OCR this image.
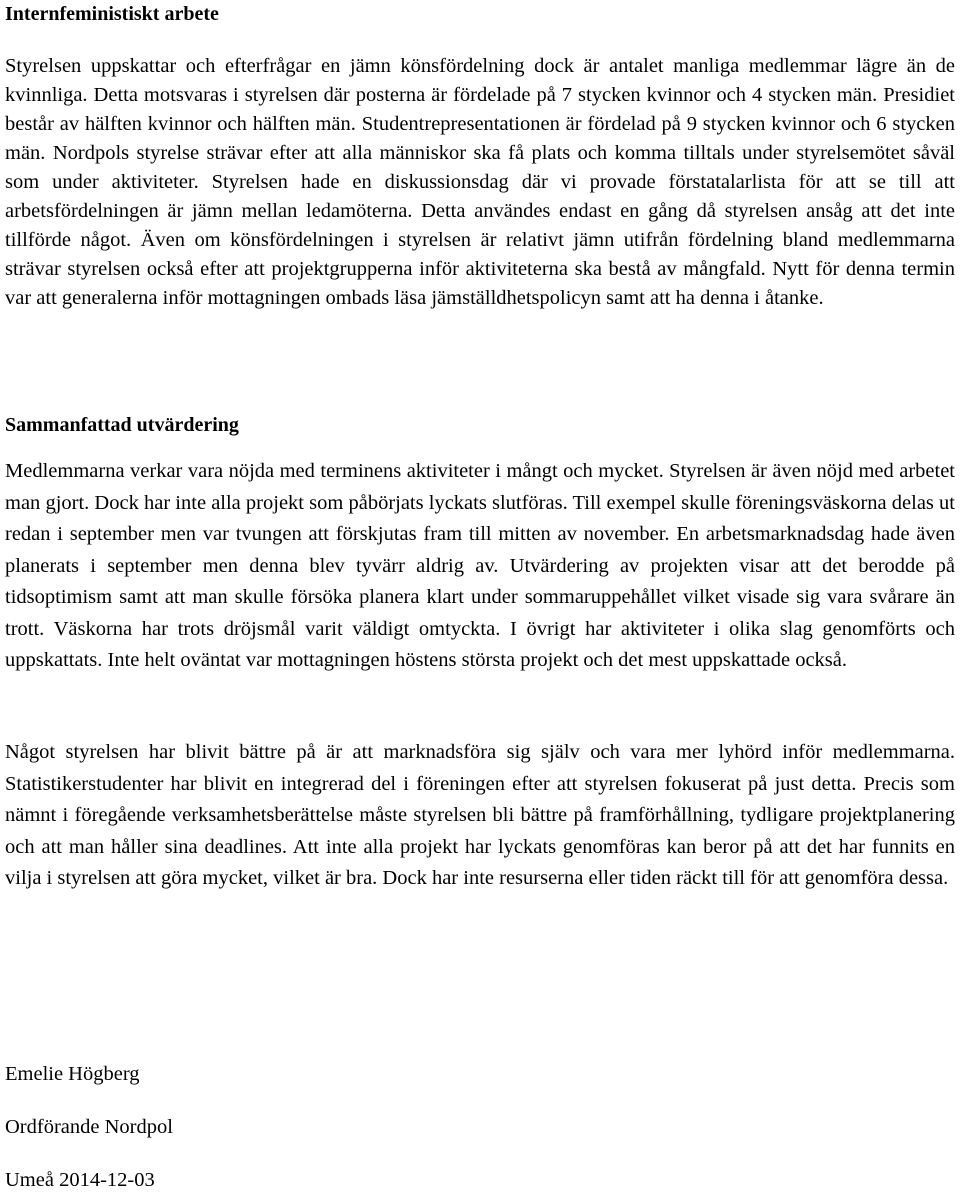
Internfeministiskt arbete

Styrelsen uppskattar och efterfrågar en jämn könsfördelning dock är antalet manliga medlemmar lägre än de kvinnliga. Detta motsvaras i styrelsen där posterna är fördelade på 7 stycken kvinnor och 4 stycken män. Presidiet består av hälften kvinnor och hälften män. Studentrepresentationen är fördelad på 9 stycken kvinnor och 6 stycken män. Nordpols styrelse strävar efter att alla människor ska få plats och komma tilltals under styrelsemötet såväl som under aktiviteter. Styrelsen hade en diskussionsdag där vi provade förstatalarlista för att se till att arbetsfördelningen är jämn mellan ledamöterna. Detta användes endast en gång då styrelsen ansåg att det inte tillförde något. Även om könsfördelningen i styrelsen är relativt jämn utifrån fördelning bland medlemmarna strävar styrelsen också efter att projektgrupperna inför aktiviteterna ska bestå av mångfald. Nytt för denna termin var att generalerna inför mottagningen ombads läsa jämställdhetspolicyn samt att ha denna i åtanke.

Sammanfattad utvärdering

Medlemmarna verkar vara nöjda med terminens aktiviteter i mångt och mycket. Styrelsen är även nöjd med arbetet man gjort. Dock har inte alla projekt som påbörjats lyckats slutföras. Till exempel skulle föreningsväskorna delas ut redan i september men var tvungen att förskjutas fram till mitten av november. En arbetsmarknadsdag hade även planerats i september men denna blev tyvärr aldrig av. Utvärdering av projekten visar att det berodde på tidsoptimism samt att man skulle försöka planera klart under sommaruppehållet vilket visade sig vara svårare än trott. Väskorna har trots dröjsmål varit väldigt omtyckta. I övrigt har aktiviteter i olika slag genomförts och uppskattats. Inte helt oväntat var mottagningen höstens största projekt och det mest uppskattade också.

Något styrelsen har blivit bättre på är att marknadsföra sig själv och vara mer lyhörd inför medlemmarna. Statistikerstudenter har blivit en integrerad del i föreningen efter att styrelsen fokuserat på just detta. Precis som nämnt i föregående verksamhetsberättelse måste styrelsen bli bättre på framförhållning, tydligare projektplanering och att man håller sina deadlines. Att inte alla projekt har lyckats genomföras kan beror på att det har funnits en vilja i styrelsen att göra mycket, vilket är bra. Dock har inte resurserna eller tiden räckt till för att genomföra dessa.

Emelie Högberg

Ordförande Nordpol

Umeå 2014-12-03
